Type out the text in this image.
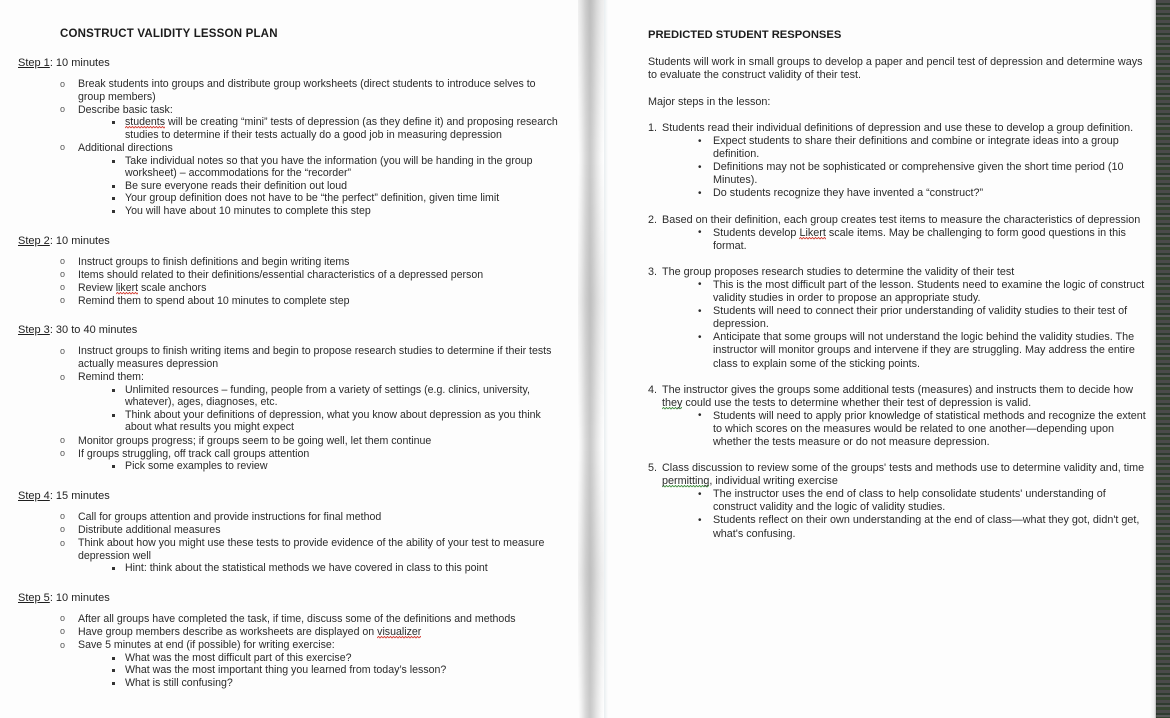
CONSTRUCT VALIDITY LESSON PLAN
Step 1: 10 minutes
o Break students into groups and distribute group worksheets (direct students to introduce selves to group members)
o Describe basic task:
students will be creating “mini” tests of depression (as they define it) and proposing research studies to determine if their tests actually do a good job in measuring depression
o Additional directions
Take individual notes so that you have the information (you will be handing in the group worksheet) – accommodations for the “recorder”
Be sure everyone reads their definition out loud
Your group definition does not have to be “the perfect” definition, given time limit
You will have about 10 minutes to complete this step
Step 2: 10 minutes
o Instruct groups to finish definitions and begin writing items
o Items should related to their definitions/essential characteristics of a depressed person
o Review likert scale anchors
o Remind them to spend about 10 minutes to complete step
Step 3: 30 to 40 minutes
o Instruct groups to finish writing items and begin to propose research studies to determine if their tests actually measures depression
o Remind them:
Unlimited resources – funding, people from a variety of settings (e.g. clinics, university, whatever), ages, diagnoses, etc.
Think about your definitions of depression, what you know about depression as you think about what results you might expect
o Monitor groups progress; if groups seem to be going well, let them continue
o If groups struggling, off track call groups attention
Pick some examples to review
Step 4: 15 minutes
o Call for groups attention and provide instructions for final method
o Distribute additional measures
o Think about how you might use these tests to provide evidence of the ability of your test to measure depression well
Hint: think about the statistical methods we have covered in class to this point
Step 5: 10 minutes
o After all groups have completed the task, if time, discuss some of the definitions and methods
o Have group members describe as worksheets are displayed on visualizer
o Save 5 minutes at end (if possible) for writing exercise:
What was the most difficult part of this exercise?
What was the most important thing you learned from today’s lesson?
What is still confusing?
PREDICTED STUDENT RESPONSES
Students will work in small groups to develop a paper and pencil test of depression and determine ways to evaluate the construct validity of their test.
Major steps in the lesson:
Students read their individual definitions of depression and use these to develop a group definition.
• Expect students to share their definitions and combine or integrate ideas into a group definition.
• Definitions may not be sophisticated or comprehensive given the short time period (10 Minutes).
• Do students recognize they have invented a “construct?”
Based on their definition, each group creates test items to measure the characteristics of depression
• Students develop Likert scale items. May be challenging to form good questions in this format.
The group proposes research studies to determine the validity of their test
• This is the most difficult part of the lesson. Students need to examine the logic of construct validity studies in order to propose an appropriate study.
• Students will need to connect their prior understanding of validity studies to their test of depression.
• Anticipate that some groups will not understand the logic behind the validity studies. The instructor will monitor groups and intervene if they are struggling. May address the entire class to explain some of the sticking points.
The instructor gives the groups some additional tests (measures) and instructs them to decide how they could use the tests to determine whether their test of depression is valid.
• Students will need to apply prior knowledge of statistical methods and recognize the extent to which scores on the measures would be related to one another—depending upon whether the tests measure or do not measure depression.
Class discussion to review some of the groups' tests and methods use to determine validity and, time permitting, individual writing exercise
• The instructor uses the end of class to help consolidate students' understanding of construct validity and the logic of validity studies.
• Students reflect on their own understanding at the end of class—what they got, didn't get, what's confusing.
